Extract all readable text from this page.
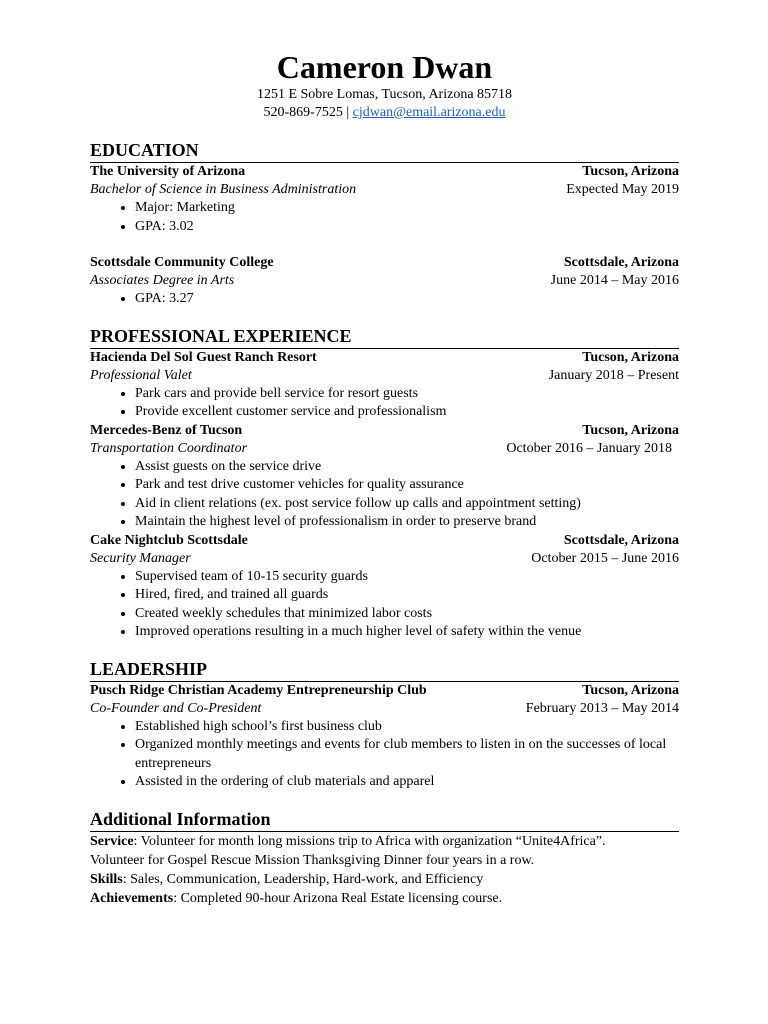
Cameron Dwan
1251 E Sobre Lomas, Tucson, Arizona 85718
520-869-7525 | cjdwan@email.arizona.edu
EDUCATION
The University of Arizona	Tucson, Arizona
Bachelor of Science in Business Administration	Expected May 2019
• Major: Marketing
• GPA: 3.02
Scottsdale Community College	Scottsdale, Arizona
Associates Degree in Arts	June 2014 – May 2016
• GPA: 3.27
PROFESSIONAL EXPERIENCE
Hacienda Del Sol Guest Ranch Resort	Tucson, Arizona
Professional Valet	January 2018 – Present
• Park cars and provide bell service for resort guests
• Provide excellent customer service and professionalism
Mercedes-Benz of Tucson	Tucson, Arizona
Transportation Coordinator	October 2016 – January 2018
• Assist guests on the service drive
• Park and test drive customer vehicles for quality assurance
• Aid in client relations (ex. post service follow up calls and appointment setting)
• Maintain the highest level of professionalism in order to preserve brand
Cake Nightclub Scottsdale	Scottsdale, Arizona
Security Manager	October 2015 – June 2016
• Supervised team of 10-15 security guards
• Hired, fired, and trained all guards
• Created weekly schedules that minimized labor costs
• Improved operations resulting in a much higher level of safety within the venue
LEADERSHIP
Pusch Ridge Christian Academy Entrepreneurship Club	Tucson, Arizona
Co-Founder and Co-President	February 2013 – May 2014
• Established high school’s first business club
• Organized monthly meetings and events for club members to listen in on the successes of local entrepreneurs
• Assisted in the ordering of club materials and apparel
Additional Information
Service: Volunteer for month long missions trip to Africa with organization “Unite4Africa”.
Volunteer for Gospel Rescue Mission Thanksgiving Dinner four years in a row.
Skills: Sales, Communication, Leadership, Hard-work, and Efficiency
Achievements: Completed 90-hour Arizona Real Estate licensing course.
